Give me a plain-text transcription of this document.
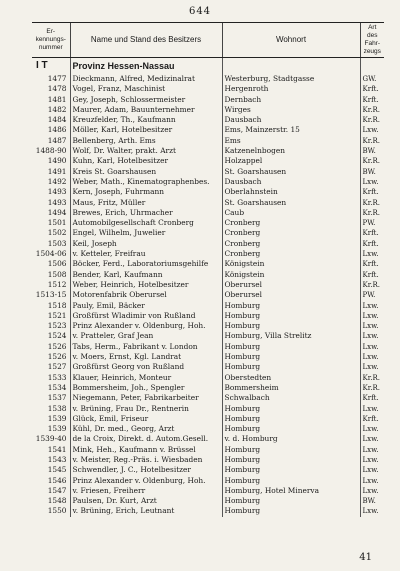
644
Er-kennungs-nummer	Name und Stand des Besitzers	Wohnort	Art des Fahr-zeugs
I T	Provinz Hessen-Nassau		
1477	Dieckmann, Alfred, Medizinalrat	Westerburg, Stadtgasse	GW.
1478	Vogel, Franz, Maschinist	Hergenroth	Krft.
1481	Gey, Joseph, Schlossermeister	Dernbach	Krft.
1482	Maurer, Adam, Bauunternehmer	Wirges	Kr.R.
1484	Kreuzfelder, Th., Kaufmann	Dausbach	Kr.R.
1486	Möller, Karl, Hotelbesitzer	Ems, Mainzerstr. 15	Lxw.
1487	Bellenberg, Arth. Ems	Ems	Kr.R.
1488-90	Wolf, Dr. Walter, prakt. Arzt	Katzenelnbogen	BW.
1490	Kuhn, Karl, Hotelbesitzer	Holzappel	Kr.R.
1491	Kreis St. Goarshausen	St. Goarshausen	BW.
1492	Weber, Math., Kinematographenbes.	Dausbach	Lxw.
1493	Kern, Joseph, Fuhrmann	Oberlahnstein	Krft.
1493	Maus, Fritz, Müller	St. Goarshausen	Kr.R.
1494	Brewes, Erich, Uhrmacher	Caub	Kr.R.
1501	Automobilgesellschaft Cronberg	Cronberg	PW.
1502	Engel, Wilhelm, Juwelier	Cronberg	Krft.
1503	Keil, Joseph	Cronberg	Krft.
1504-06	v. Ketteler, Freifrau	Cronberg	Lxw.
1506	Böcker, Ferd., Laboratoriumsgehilfe	Königstein	Krft.
1508	Bender, Karl, Kaufmann	Königstein	Krft.
1512	Weber, Heinrich, Hotelbesitzer	Oberursel	Kr.R.
1513-15	Motorenfabrik Oberursel	Oberursel	PW.
1518	Pauly, Emil, Bäcker	Homburg	Lxw.
1521	Großfürst Wladimir von Rußland	Homburg	Lxw.
1523	Prinz Alexander v. Oldenburg, Hoh.	Homburg	Lxw.
1524	v. Pratteler, Graf Jean	Homburg, Villa Strelitz	Lxw.
1526	Tabs, Herm., Fabrikant v. London	Homburg	Lxw.
1526	v. Moers, Ernst, Kgl. Landrat	Homburg	Lxw.
1527	Großfürst Georg von Rußland	Homburg	Lxw.
1533	Klauer, Heinrich, Monteur	Oberstedten	Kr.R.
1534	Bommersheim, Joh., Spengler	Bommersheim	Kr.R.
1537	Niegemann, Peter, Fabrikarbeiter	Schwalbach	Krft.
1538	v. Brüning, Frau Dr., Rentnerin	Homburg	Lxw.
1539	Glück, Emil, Friseur	Homburg	Krft.
1539	Kühl, Dr. med., Georg, Arzt	Homburg	Lxw.
1539-40	de la Croix, Direkt. d. Autom.Gesell.	v. d. Homburg	Lxw.
1541	Mink, Heh., Kaufmann v. Brüssel	Homburg	Lxw.
1543	v. Meister, Reg.-Präs. i. Wiesbaden	Homburg	Lxw.
1545	Schwendler, J. C., Hotelbesitzer	Homburg	Lxw.
1546	Prinz Alexander v. Oldenburg, Hoh.	Homburg	Lxw.
1547	v. Friesen, Freiherr	Homburg, Hotel Minerva	Lxw.
1548	Paulsen, Dr. Kurt, Arzt	Homburg	BW.
1550	v. Brüning, Erich, Leutnant	Homburg	Lxw.
41
